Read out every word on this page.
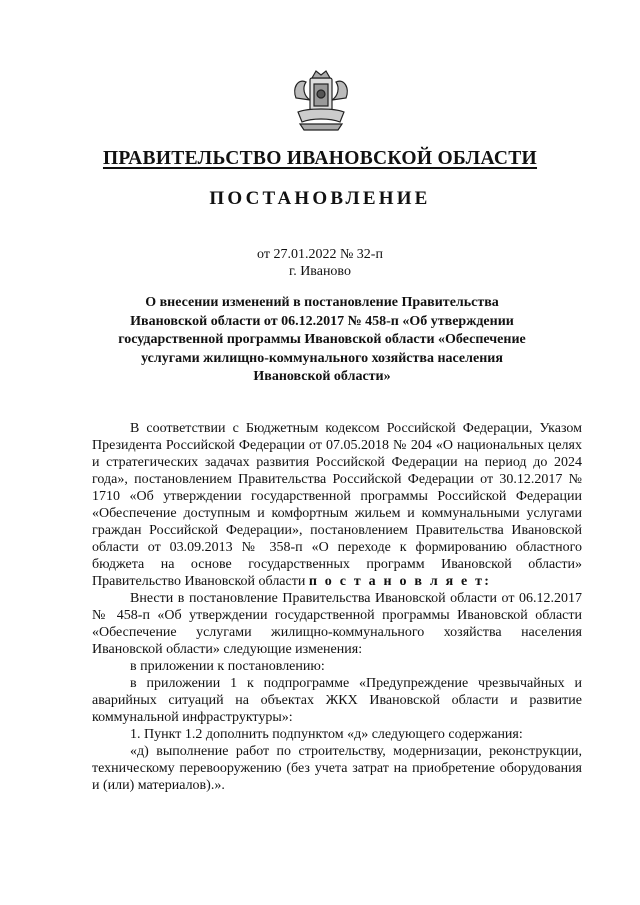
ПРАВИТЕЛЬСТВО ИВАНОВСКОЙ ОБЛАСТИ
ПОСТАНОВЛЕНИЕ
от 27.01.2022 № 32-п
г. Иваново
О внесении изменений в постановление Правительства Ивановской области от 06.12.2017 № 458-п «Об утверждении государственной программы Ивановской области «Обеспечение услугами жилищно-коммунального хозяйства населения Ивановской области»

В соответствии с Бюджетным кодексом Российской Федерации, Указом Президента Российской Федерации от 07.05.2018 № 204 «О национальных целях и стратегических задачах развития Российской Федерации на период до 2024 года», постановлением Правительства Российской Федерации от 30.12.2017 № 1710 «Об утверждении государственной программы Российской Федерации «Обеспечение доступным и комфортным жильем и коммунальными услугами граждан Российской Федерации», постановлением Правительства Ивановской области от 03.09.2013 № 358-п «О переходе к формированию областного бюджета на основе государственных программ Ивановской области» Правительство Ивановской области п о с т а н о в л я е т:

Внести в постановление Правительства Ивановской области от 06.12.2017 № 458-п «Об утверждении государственной программы Ивановской области «Обеспечение услугами жилищно-коммунального хозяйства населения Ивановской области» следующие изменения:

в приложении к постановлению:

в приложении 1 к подпрограмме «Предупреждение чрезвычайных и аварийных ситуаций на объектах ЖКХ Ивановской области и развитие коммунальной инфраструктуры»:

1. Пункт 1.2 дополнить подпунктом «д» следующего содержания:

«д) выполнение работ по строительству, модернизации, реконструкции, техническому перевооружению (без учета затрат на приобретение оборудования и (или) материалов).».
